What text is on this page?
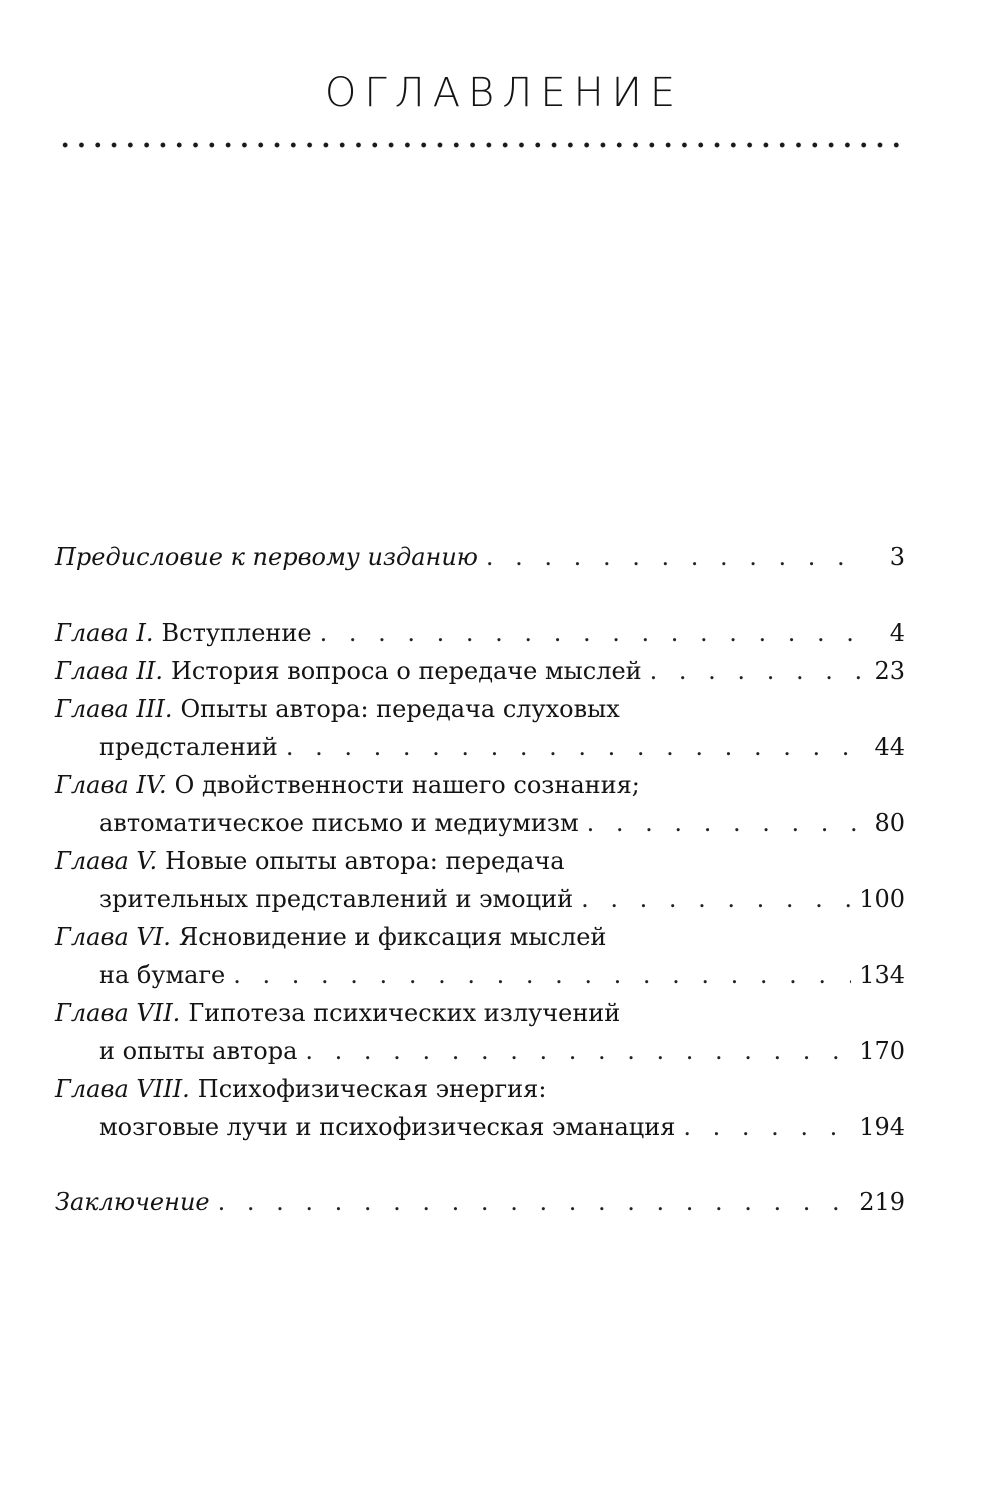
ОГЛАВЛЕНИЕ
Предисловие к первому изданию . . .	3
Глава I. Вступление . . .	4
Глава II. История вопроса о передаче мыслей . . .	23
Глава III. Опыты автора: передача слуховых
предсталений . . .	44
Глава IV. О двойственности нашего сознания;
автоматическое письмо и медиумизм . . .	80
Глава V. Новые опыты автора: передача
зрительных представлений и эмоций . . .	100
Глава VI. Ясновидение и фиксация мыслей
на бумаге . . .	134
Глава VII. Гипотеза психических излучений
и опыты автора . . .	170
Глава VIII. Психофизическая энергия:
мозговые лучи и психофизическая эманация . . .	194
Заключение . . .	219
